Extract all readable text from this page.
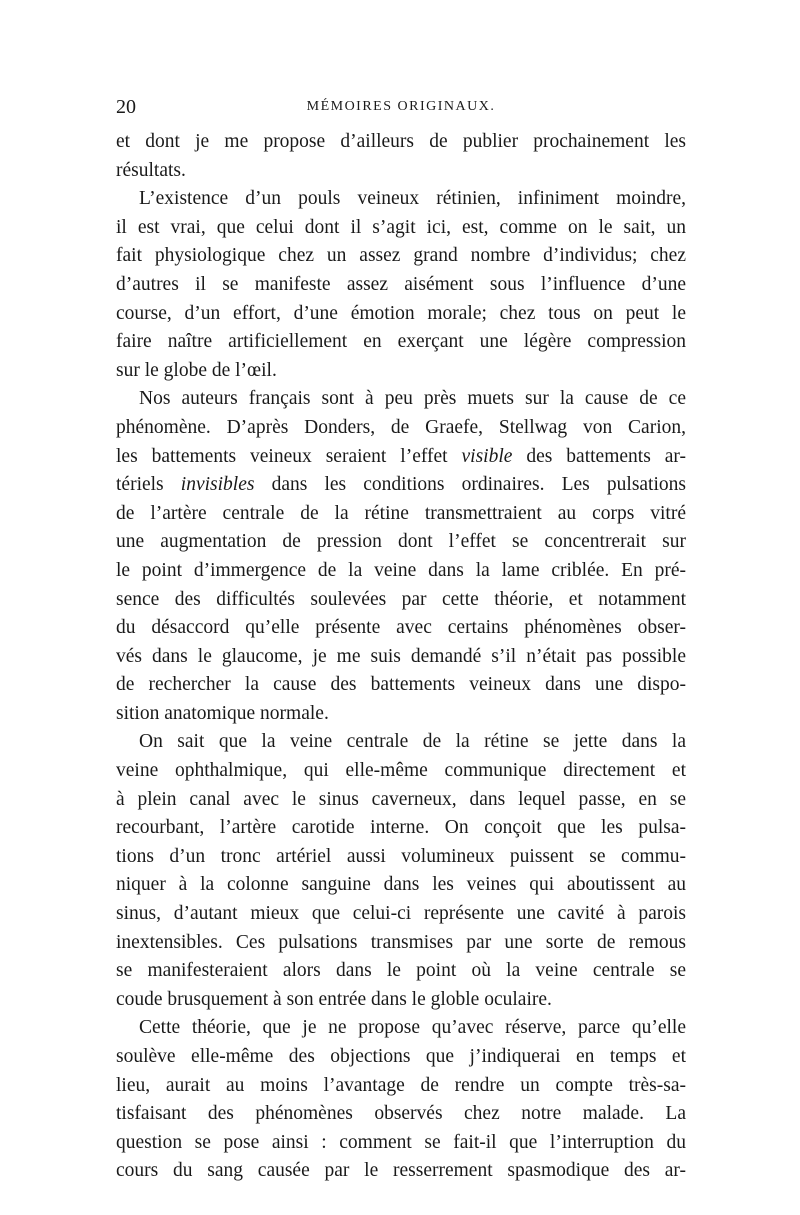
20	MÉMOIRES ORIGINAUX.
et dont je me propose d’ailleurs de publier prochainement les
résultats.
L’existence d’un pouls veineux rétinien, infiniment moindre,
il est vrai, que celui dont il s’agit ici, est, comme on le sait, un
fait physiologique chez un assez grand nombre d’individus; chez
d’autres il se manifeste assez aisément sous l’influence d’une
course, d’un effort, d’une émotion morale; chez tous on peut le
faire naître artificiellement en exerçant une légère compression
sur le globe de l’œil.
Nos auteurs français sont à peu près muets sur la cause de ce
phénomène. D’après Donders, de Graefe, Stellwag von Carion,
les battements veineux seraient l’effet visible des battements ar-
tériels invisibles dans les conditions ordinaires. Les pulsations
de l’artère centrale de la rétine transmettraient au corps vitré
une augmentation de pression dont l’effet se concentrerait sur
le point d’immergence de la veine dans la lame criblée. En pré-
sence des difficultés soulevées par cette théorie, et notamment
du désaccord qu’elle présente avec certains phénomènes obser-
vés dans le glaucome, je me suis demandé s’il n’était pas possible
de rechercher la cause des battements veineux dans une dispo-
sition anatomique normale.
On sait que la veine centrale de la rétine se jette dans la
veine ophthalmique, qui elle-même communique directement et
à plein canal avec le sinus caverneux, dans lequel passe, en se
recourbant, l’artère carotide interne. On conçoit que les pulsa-
tions d’un tronc artériel aussi volumineux puissent se commu-
niquer à la colonne sanguine dans les veines qui aboutissent au
sinus, d’autant mieux que celui-ci représente une cavité à parois
inextensibles. Ces pulsations transmises par une sorte de remous
se manifesteraient alors dans le point où la veine centrale se
coude brusquement à son entrée dans le globle oculaire.
Cette théorie, que je ne propose qu’avec réserve, parce qu’elle
soulève elle-même des objections que j’indiquerai en temps et
lieu, aurait au moins l’avantage de rendre un compte très-sa-
tisfaisant des phénomènes observés chez notre malade. La
question se pose ainsi : comment se fait-il que l’interruption du
cours du sang causée par le resserrement spasmodique des ar-
